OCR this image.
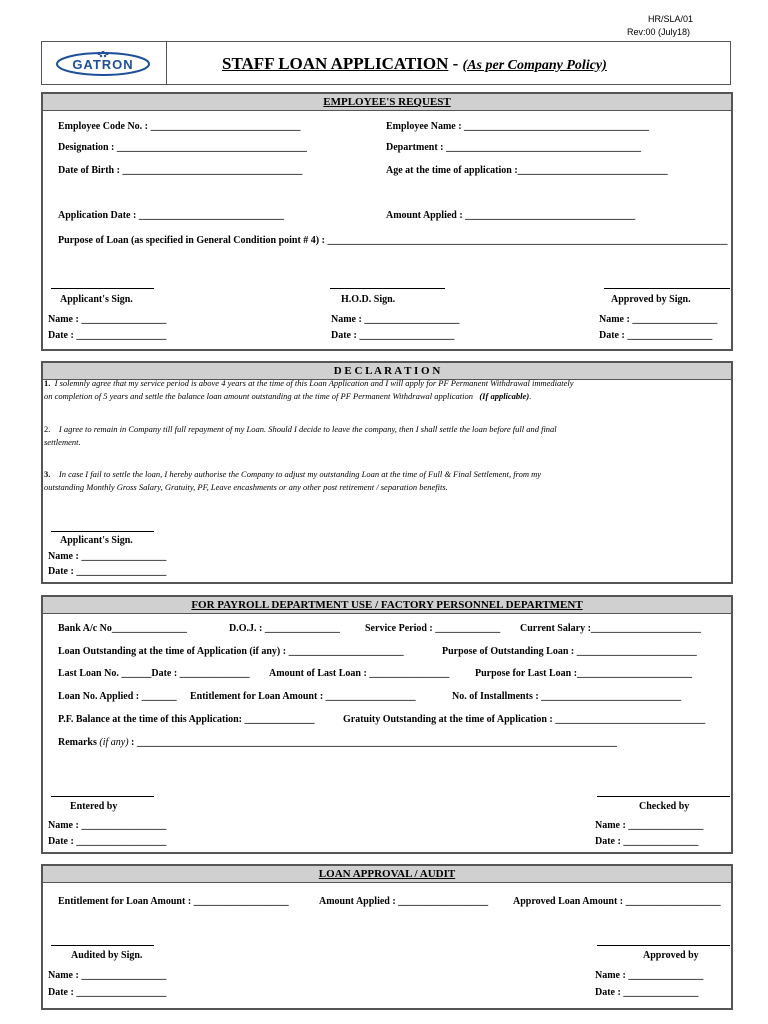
HR/SLA/01
Rev:00 (July18)
GATRON	STAFF LOAN APPLICATION - (As per Company Policy)
EMPLOYEE'S REQUEST
Employee Code No. : ______________________________	Employee Name : _____________________________________
Designation : ______________________________________	Department : _______________________________________
Date of Birth : ____________________________________	Age at the time of application :______________________________
Application Date : _____________________________	Amount Applied : __________________________________
Purpose of Loan (as specified in General Condition point # 4) : ________________________________________________________________________________
Applicant's Sign.	H.O.D. Sign.	Approved by Sign.
Name : _________________	Name : ___________________	Name : _________________
Date : __________________	Date : ___________________	Date : _________________
D E C L A R A T I O N
1. I solemnly agree that my service period is above 4 years at the time of this Loan Application and I will apply for PF Permanent Withdrawal immediately
on completion of 5 years and settle the balance loan amount outstanding at the time of PF Permanent Withdrawal application (If applicable).
2. I agree to remain in Company till full repayment of my Loan. Should I decide to leave the company, then I shall settle the loan before full and final
settlement.
3. In case I fail to settle the loan, I hereby authorise the Company to adjust my outstanding Loan at the time of Full & Final Settlement, from my
outstanding Monthly Gross Salary, Gratuity, PF, Leave encashments or any other post retirement / separation benefits.
Applicant's Sign.
Name : _________________
Date : __________________
FOR PAYROLL DEPARTMENT USE / FACTORY PERSONNEL DEPARTMENT
Bank A/c No_______________	D.O.J. : _______________	Service Period : _____________ Current Salary :______________________
Loan Outstanding at the time of Application (if any) : _______________________	Purpose of Outstanding Loan : ________________________
Last Loan No. ______Date : ______________ Amount of Last Loan : ________________	Purpose for Last Loan :_______________________
Loan No. Applied : _______ Entitlement for Loan Amount : __________________	No. of Installments : ____________________________
P.F. Balance at the time of this Application: ______________	Gratuity Outstanding at the time of Application : ______________________________
Remarks (if any) : ________________________________________________________________________________________________
Entered by	Checked by
Name : _________________	Name : _______________
Date : __________________	Date : _______________
LOAN APPROVAL / AUDIT
Entitlement for Loan Amount : ___________________	Amount Applied : __________________ Approved Loan Amount : ___________________
Audited by Sign.	Approved by
Name : _________________	Name : _______________
Date : __________________	Date : _______________
